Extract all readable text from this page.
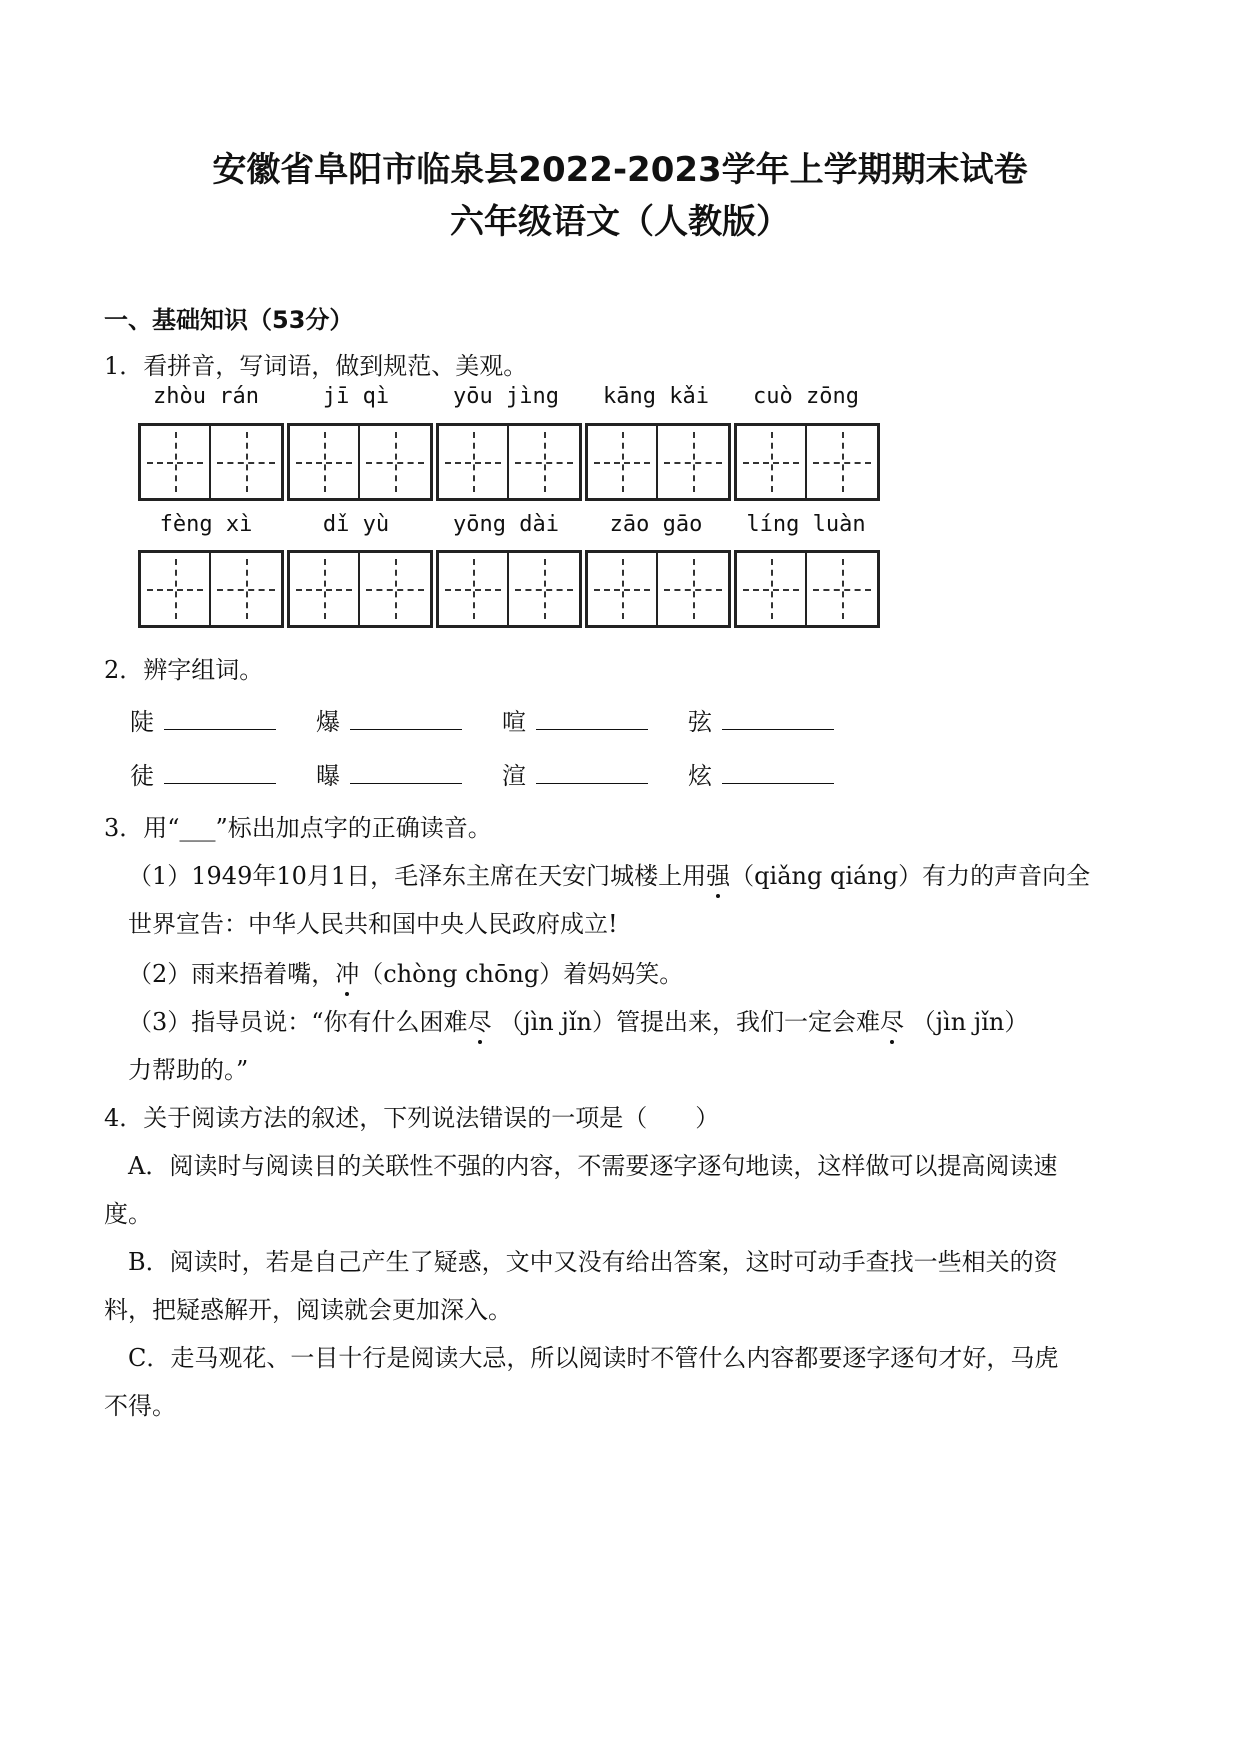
安徽省阜阳市临泉县2022-2023学年上学期期末试卷
六年级语文（人教版）
一、基础知识（53分）
1．看拼音，写词语，做到规范、美观。
zhòu rán	jī qì	yōu jìng	kāng kǎi	cuò zōng
fèng xì	dǐ yù	yōng dài	zāo gāo	líng luàn
2．辨字组词。
陡	爆	喧	弦
徒	曝	渲	炫
3．用“___”标出加点字的正确读音。
（1）1949年10月1日，毛泽东主席在天安门城楼上用强（qiǎng qiáng）有力的声音向全
世界宣告：中华人民共和国中央人民政府成立!
（2）雨来捂着嘴，冲（chòng chōng）着妈妈笑。
（3）指导员说：“你有什么困难尽 （jìn jǐn）管提出来，我们一定会难尽 （jìn jǐn）
力帮助的。”
4．关于阅读方法的叙述，下列说法错误的一项是（　　）
A．阅读时与阅读目的关联性不强的内容，不需要逐字逐句地读，这样做可以提高阅读速
度。
B．阅读时，若是自己产生了疑惑，文中又没有给出答案，这时可动手查找一些相关的资
料，把疑惑解开，阅读就会更加深入。
C．走马观花、一目十行是阅读大忌，所以阅读时不管什么内容都要逐字逐句才好，马虎
不得。
